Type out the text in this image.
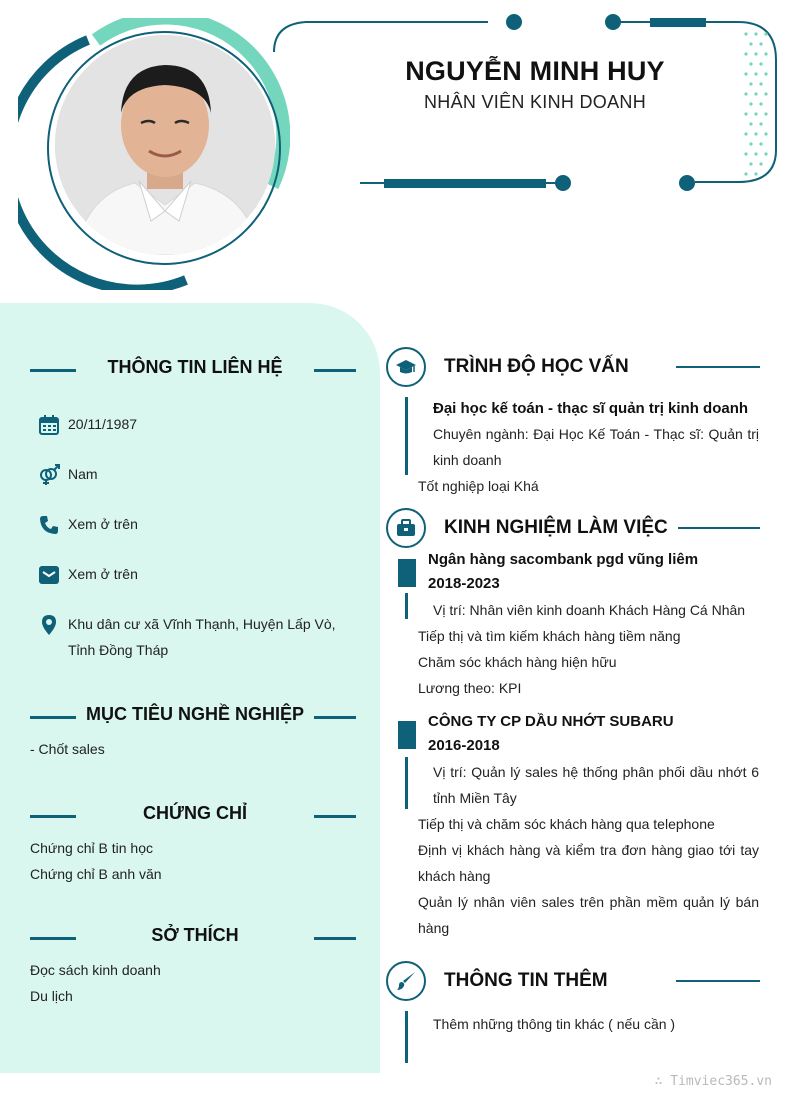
NGUYỄN MINH HUY
NHÂN VIÊN KINH DOANH
THÔNG TIN LIÊN HỆ
20/11/1987
Nam
Xem ở trên
Xem ở trên
Khu dân cư xã Vĩnh Thạnh, Huyện Lấp Vò, Tỉnh Đồng Tháp
MỤC TIÊU NGHỀ NGHIỆP
- Chốt sales
CHỨNG CHỈ
Chứng chỉ B tin học
Chứng chỉ B anh văn
SỞ THÍCH
Đọc sách kinh doanh
Du lịch
TRÌNH ĐỘ HỌC VẤN
Đại học kế toán - thạc sĩ quản trị kinh doanh
Chuyên ngành: Đại Học Kế Toán - Thạc sĩ: Quản trị kinh doanh
Tốt nghiệp loại Khá
KINH NGHIỆM LÀM VIỆC
Ngân hàng sacombank pgd vũng liêm
2018-2023
Vị trí: Nhân viên kinh doanh Khách Hàng Cá Nhân
Tiếp thị và tìm kiếm khách hàng tiềm năng
Chăm sóc khách hàng hiện hữu
Lương theo: KPI
CÔNG TY CP DẦU NHỚT SUBARU
2016-2018
Vị trí: Quản lý sales hệ thống phân phối dầu nhớt 6 tỉnh Miền Tây
Tiếp thị và chăm sóc khách hàng qua telephone
Định vị khách hàng và kiểm tra đơn hàng giao tới tay khách hàng
Quản lý nhân viên sales trên phần mềm quản lý bán hàng
THÔNG TIN THÊM
Thêm những thông tin khác ( nếu cần )
∴ Timviec365.vn
